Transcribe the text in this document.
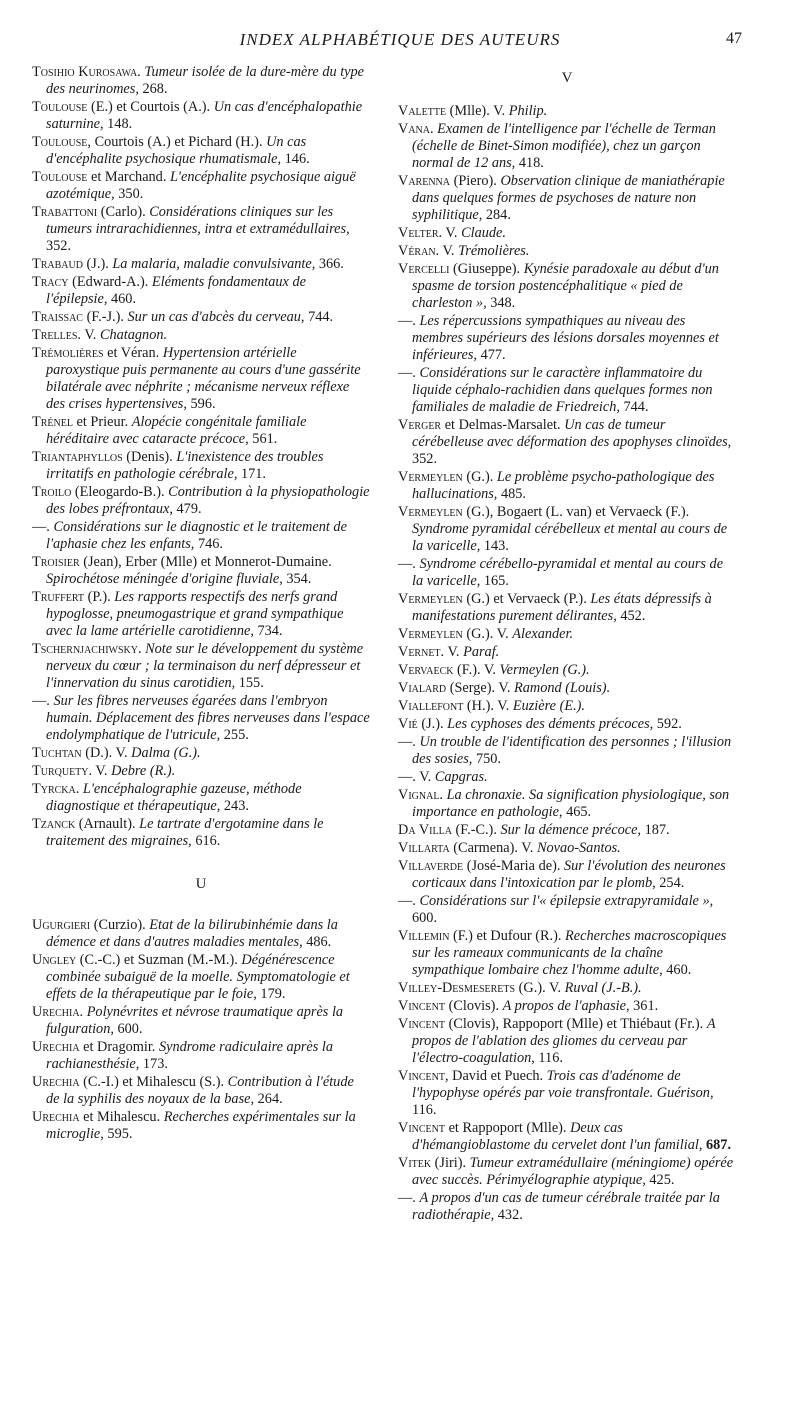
INDEX ALPHABÉTIQUE DES AUTEURS	47

Tosihio Kurosawa. Tumeur isolée de la dure-mère du type des neurinomes, 268.

Toulouse (E.) et Courtois (A.). Un cas d'encéphalopathie saturnine, 148.

Toulouse, Courtois (A.) et Pichard (H.). Un cas d'encéphalite psychosique rhumatismale, 146.

Toulouse et Marchand. L'encéphalite psychosique aiguë azotémique, 350.

Trabattoni (Carlo). Considérations cliniques sur les tumeurs intrarachidiennes, intra et extramédullaires, 352.

Trabaud (J.). La malaria, maladie convulsivante, 366.

Tracy (Edward-A.). Eléments fondamentaux de l'épilepsie, 460.

Traissac (F.-J.). Sur un cas d'abcès du cerveau, 744.

Trelles. V. Chatagnon.

Trémolières et Véran. Hypertension artérielle paroxystique puis permanente au cours d'une gassérite bilatérale avec néphrite ; mécanisme nerveux réflexe des crises hypertensives, 596.

Trénel et Prieur. Alopécie congénitale familiale héréditaire avec cataracte précoce, 561.

Triantaphyllos (Denis). L'inexistence des troubles irritatifs en pathologie cérébrale, 171.

Troilo (Eleogardo-B.). Contribution à la physiopathologie des lobes préfrontaux, 479.

—. Considérations sur le diagnostic et le traitement de l'aphasie chez les enfants, 746.

Troisier (Jean), Erber (Mlle) et Monnerot-Dumaine. Spirochétose méningée d'origine fluviale, 354.

Truffert (P.). Les rapports respectifs des nerfs grand hypoglosse, pneumogastrique et grand sympathique avec la lame artérielle carotidienne, 734.

Tschernjachiwsky. Note sur le développement du système nerveux du cœur ; la terminaison du nerf dépresseur et l'innervation du sinus carotidien, 155.

—. Sur les fibres nerveuses égarées dans l'embryon humain. Déplacement des fibres nerveuses dans l'espace endolymphatique de l'utricule, 255.

Tuchtan (D.). V. Dalma (G.).

Turquety. V. Debre (R.).

Tyrcka. L'encéphalographie gazeuse, méthode diagnostique et thérapeutique, 243.

Tzanck (Arnault). Le tartrate d'ergotamine dans le traitement des migraines, 616.

U

Ugurgieri (Curzio). Etat de la bilirubinhémie dans la démence et dans d'autres maladies mentales, 486.

Ungley (C.-C.) et Suzman (M.-M.). Dégénérescence combinée subaiguë de la moelle. Symptomatologie et effets de la thérapeutique par le foie, 179.

Urechia. Polynévrites et névrose traumatique après la fulguration, 600.

Urechia et Dragomir. Syndrome radiculaire après la rachianesthésie, 173.

Urechia (C.-I.) et Mihalescu (S.). Contribution à l'étude de la syphilis des noyaux de la base, 264.

Urechia et Mihalescu. Recherches expérimentales sur la microglie, 595.

V

Valette (Mlle). V. Philip.

Vana. Examen de l'intelligence par l'échelle de Terman (échelle de Binet-Simon modifiée), chez un garçon normal de 12 ans, 418.

Varenna (Piero). Observation clinique de maniathérapie dans quelques formes de psychoses de nature non syphilitique, 284.

Velter. V. Claude.

Véran. V. Trémolières.

Vercelli (Giuseppe). Kynésie paradoxale au début d'un spasme de torsion postencéphalitique « pied de charleston », 348.

—. Les répercussions sympathiques au niveau des membres supérieurs des lésions dorsales moyennes et inférieures, 477.

—. Considérations sur le caractère inflammatoire du liquide céphalo-rachidien dans quelques formes non familiales de maladie de Friedreich, 744.

Verger et Delmas-Marsalet. Un cas de tumeur cérébelleuse avec déformation des apophyses clinoïdes, 352.

Vermeylen (G.). Le problème psycho-pathologique des hallucinations, 485.

Vermeylen (G.), Bogaert (L. van) et Vervaeck (F.). Syndrome pyramidal cérébelleux et mental au cours de la varicelle, 143.

—. Syndrome cérébello-pyramidal et mental au cours de la varicelle, 165.

Vermeylen (G.) et Vervaeck (P.). Les états dépressifs à manifestations purement délirantes, 452.

Vermeylen (G.). V. Alexander.

Vernet. V. Paraf.

Vervaeck (F.). V. Vermeylen (G.).

Vialard (Serge). V. Ramond (Louis).

Viallefont (H.). V. Euzière (E.).

Vié (J.). Les cyphoses des déments précoces, 592.

—. Un trouble de l'identification des personnes ; l'illusion des sosies, 750.

—. V. Capgras.

Vignal. La chronaxie. Sa signification physiologique, son importance en pathologie, 465.

Da Villa (F.-C.). Sur la démence précoce, 187.

Villarta (Carmena). V. Novao-Santos.

Villaverde (José-Maria de). Sur l'évolution des neurones corticaux dans l'intoxication par le plomb, 254.

—. Considérations sur l'« épilepsie extrapyramidale », 600.

Villemin (F.) et Dufour (R.). Recherches macroscopiques sur les rameaux communicants de la chaîne sympathique lombaire chez l'homme adulte, 460.

Villey-Desmeserets (G.). V. Ruval (J.-B.).

Vincent (Clovis). A propos de l'aphasie, 361.

Vincent (Clovis), Rappoport (Mlle) et Thiébaut (Fr.). A propos de l'ablation des gliomes du cerveau par l'électro-coagulation, 116.

Vincent, David et Puech. Trois cas d'adénome de l'hypophyse opérés par voie transfrontale. Guérison, 116.

Vincent et Rappoport (Mlle). Deux cas d'hémangioblastome du cervelet dont l'un familial, 687.

Vitek (Jiri). Tumeur extramédullaire (méningiome) opérée avec succès. Périmyélographie atypique, 425.

—. A propos d'un cas de tumeur cérébrale traitée par la radiothérapie, 432.
